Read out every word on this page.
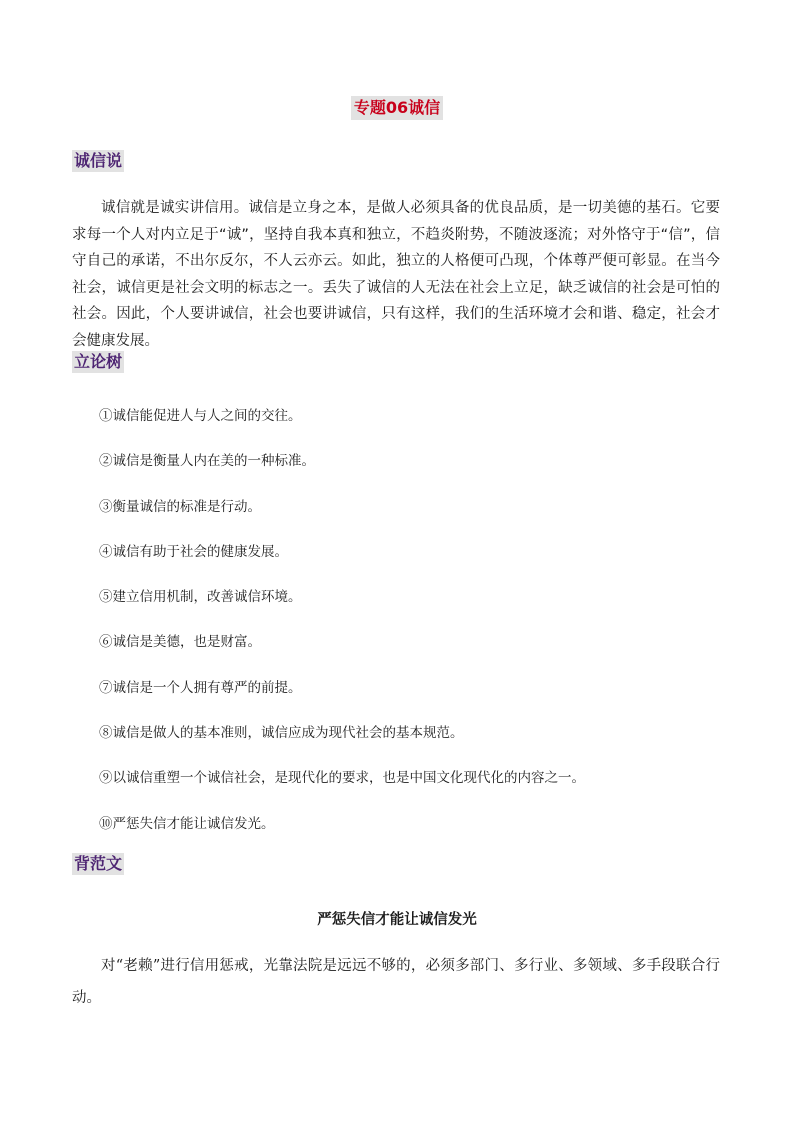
专题06诚信
诚信说

诚信就是诚实讲信用。诚信是立身之本，是做人必须具备的优良品质，是一切美德的基石。它要求每一个人对内立足于“诚”，坚持自我本真和独立，不趋炎附势，不随波逐流；对外恪守于“信”，信守自己的承诺，不出尔反尔，不人云亦云。如此，独立的人格便可凸现，个体尊严便可彰显。在当今社会，诚信更是社会文明的标志之一。丢失了诚信的人无法在社会上立足，缺乏诚信的社会是可怕的社会。因此，个人要讲诚信，社会也要讲诚信，只有这样，我们的生活环境才会和谐、稳定，社会才会健康发展。

立论树
①诚信能促进人与人之间的交往。
②诚信是衡量人内在美的一种标准。
③衡量诚信的标准是行动。
④诚信有助于社会的健康发展。
⑤建立信用机制，改善诚信环境。
⑥诚信是美德，也是财富。
⑦诚信是一个人拥有尊严的前提。
⑧诚信是做人的基本准则，诚信应成为现代社会的基本规范。
⑨以诚信重塑一个诚信社会，是现代化的要求，也是中国文化现代化的内容之一。
⑩严惩失信才能让诚信发光。
背范文
严惩失信才能让诚信发光

对“老赖”进行信用惩戒，光靠法院是远远不够的，必须多部门、多行业、多领域、多手段联合行动。
